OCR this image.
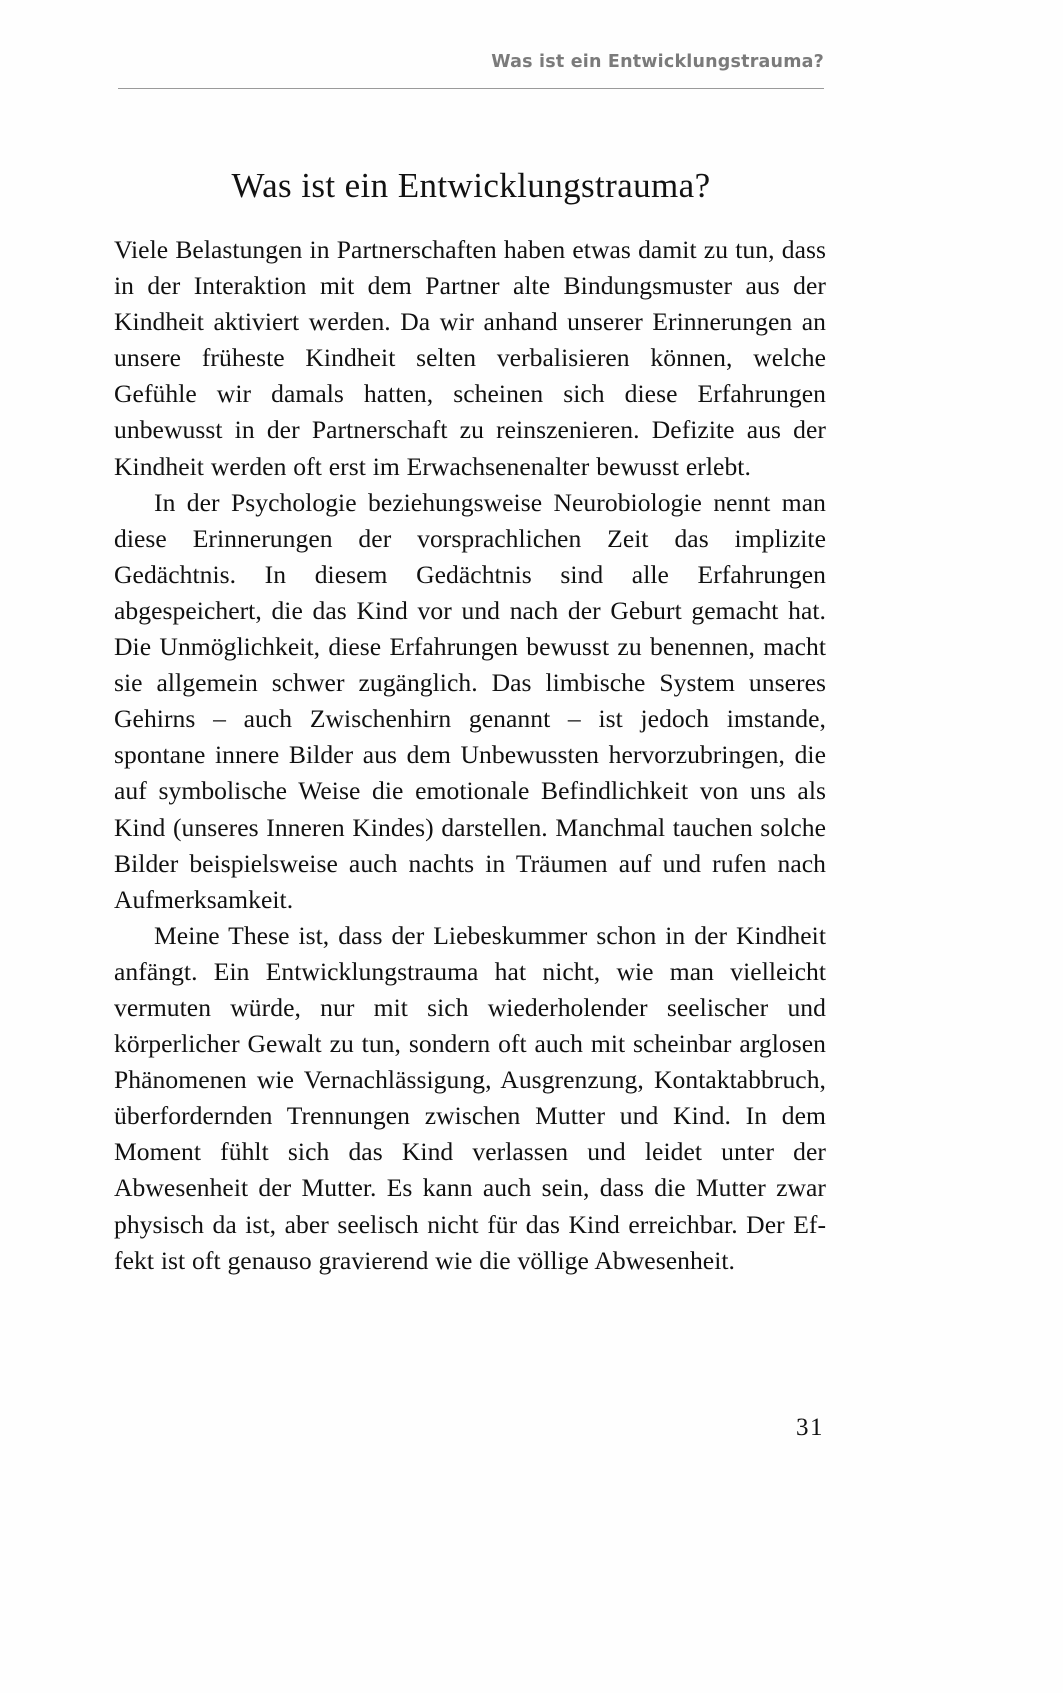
Was ist ein Entwicklungstrauma?
Was ist ein Entwicklungstrauma?

Viele Belastungen in Partnerschaften haben etwas damit zu tun, dass in der Interaktion mit dem Partner alte Bindungsmuster aus der Kindheit aktiviert werden. Da wir anhand unserer Erinnerungen an unsere früheste Kindheit selten verbalisieren können, welche Gefühle wir damals hatten, scheinen sich diese Erfahrungen unbewusst in der Partnerschaft zu reinszenieren. Defizite aus der Kindheit werden oft erst im Erwachsenenalter bewusst erlebt.

In der Psychologie beziehungsweise Neurobiologie nennt man diese Erinnerungen der vorsprachlichen Zeit das implizite Gedächtnis. In diesem Gedächtnis sind alle Erfahrungen abgespeichert, die das Kind vor und nach der Geburt gemacht hat. Die Unmöglichkeit, diese Erfahrungen bewusst zu benennen, macht sie allgemein schwer zugänglich. Das limbische System unseres Gehirns – auch Zwischenhirn genannt – ist jedoch imstande, spontane innere Bilder aus dem Unbewussten hervorzubringen, die auf symbolische Weise die emotionale Befindlichkeit von uns als Kind (unseres Inneren Kindes) darstellen. Manchmal tauchen solche Bilder beispielsweise auch nachts in Träumen auf und rufen nach Aufmerksamkeit.

Meine These ist, dass der Liebeskummer schon in der Kindheit anfängt. Ein Entwicklungstrauma hat nicht, wie man vielleicht vermuten würde, nur mit sich wiederholender seelischer und körperlicher Gewalt zu tun, sondern oft auch mit scheinbar arglosen Phänomenen wie Vernachlässigung, Ausgrenzung, Kontaktabbruch, überfordernden Trennungen zwischen Mutter und Kind. In dem Moment fühlt sich das Kind verlassen und leidet unter der Abwesenheit der Mutter. Es kann auch sein, dass die Mutter zwar physisch da ist, aber seelisch nicht für das Kind erreichbar. Der Effekt ist oft genauso gravierend wie die völlige Abwesenheit.

31
